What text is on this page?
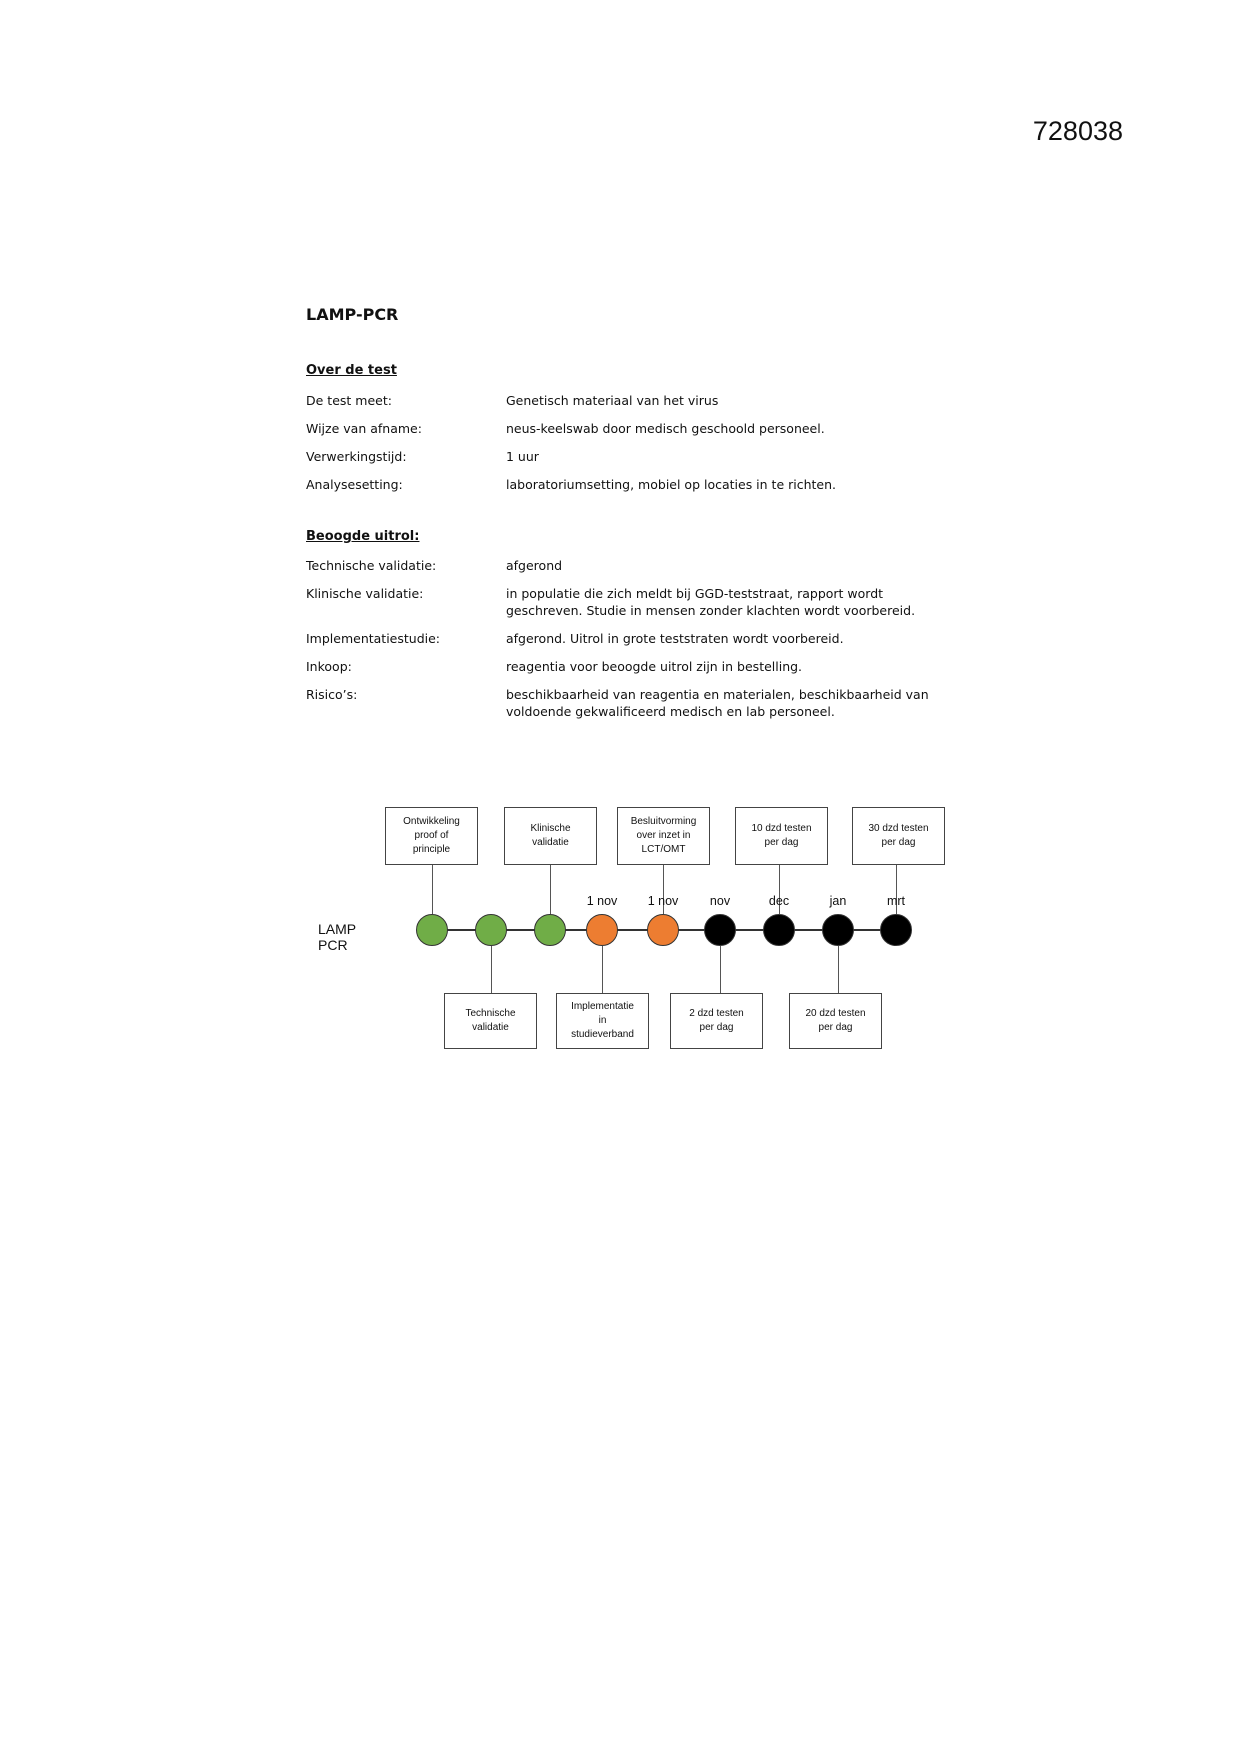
728038
LAMP-PCR
Over de test
De test meet:	Genetisch materiaal van het virus
Wijze van afname:	neus-keelswab door medisch geschoold personeel.
Verwerkingstijd:	1 uur
Analysesetting:	laboratoriumsetting, mobiel op locaties in te richten.
Beoogde uitrol:
Technische validatie:	afgerond
Klinische validatie:	in populatie die zich meldt bij GGD-teststraat, rapport wordt geschreven. Studie in mensen zonder klachten wordt voorbereid.
Implementatiestudie:	afgerond. Uitrol in grote teststraten wordt voorbereid.
Inkoop:	reagentia voor beoogde uitrol zijn in bestelling.
Risico’s:	beschikbaarheid van reagentia en materialen, beschikbaarheid van voldoende gekwalificeerd medisch en lab personeel.
LAMP PCR
Ontwikkeling
proof of
principle
Klinische
validatie
Besluitvorming
over inzet in
LCT/OMT
10 dzd testen
per dag
30 dzd testen
per dag
Technische
validatie
Implementatie
in
studieverband
2 dzd testen
per dag
20 dzd testen
per dag
1 nov	1 nov	nov	dec	jan	mrt
